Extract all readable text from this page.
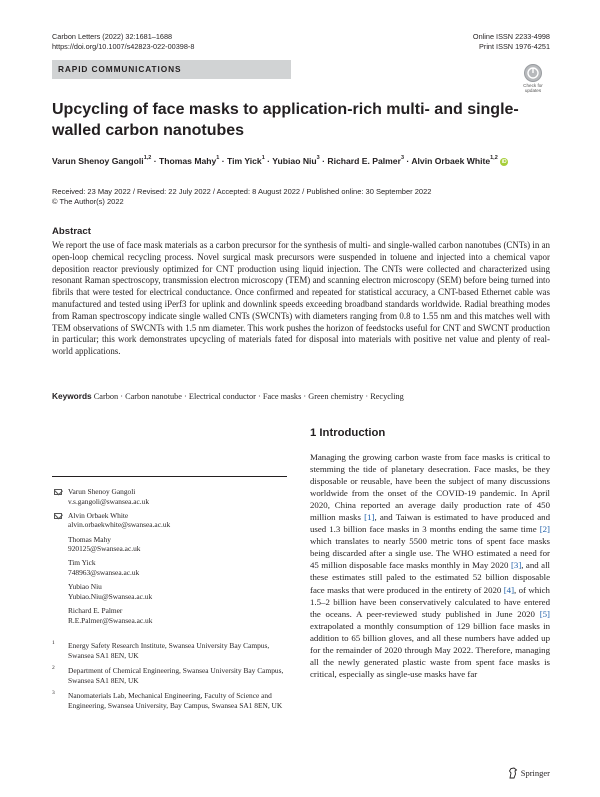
Carbon Letters (2022) 32:1681–1688
https://doi.org/10.1007/s42823-022-00398-8
Online ISSN 2233-4998
Print ISSN 1976-4251
RAPID COMMUNICATIONS
Check for
updates
Upcycling of face masks to application-rich multi- and single-walled carbon nanotubes
Varun Shenoy Gangoli$^{1,2}$ · Thomas Mahy$^1$ · Tim Yick$^1$ · Yubiao Niu$^3$ · Richard E. Palmer$^3$ · Alvin Orbaek White$^{1,2}$ iD
Received: 23 May 2022 / Revised: 22 July 2022 / Accepted: 8 August 2022 / Published online: 30 September 2022
© The Author(s) 2022
Abstract
We report the use of face mask materials as a carbon precursor for the synthesis of multi- and single-walled carbon nanotubes (CNTs) in an open-loop chemical recycling process. Novel surgical mask precursors were suspended in toluene and injected into a chemical vapor deposition reactor previously optimized for CNT production using liquid injection. The CNTs were collected and characterized using resonant Raman spectroscopy, transmission electron microscopy (TEM) and scanning electron microscopy (SEM) before being turned into fibrils that were tested for electrical conductance. Once confirmed and repeated for statistical accuracy, a CNT-based Ethernet cable was manufactured and tested using iPerf3 for uplink and downlink speeds exceeding broadband standards worldwide. Radial breathing modes from Raman spectroscopy indicate single walled CNTs (SWCNTs) with diameters ranging from 0.8 to 1.55 nm and this matches well with TEM observations of SWCNTs with 1.5 nm diameter. This work pushes the horizon of feedstocks useful for CNT and SWCNT production in particular; this work demonstrates upcycling of materials fated for disposal into materials with positive net value and plenty of real-world applications.
Keywords Carbon · Carbon nanotube · Electrical conductor · Face masks · Green chemistry · Recycling
Varun Shenoy Gangoli
v.s.gangoli@swansea.ac.uk
Alvin Orbaek White
alvin.orbaekwhite@swansea.ac.uk
Thomas Mahy
920125@Swansea.ac.uk
Tim Yick
748963@swansea.ac.uk
Yubiao Niu
Yubiao.Niu@Swansea.ac.uk
Richard E. Palmer
R.E.Palmer@Swansea.ac.uk
1 Energy Safety Research Institute, Swansea University Bay Campus, Swansea SA1 8EN, UK
2 Department of Chemical Engineering, Swansea University Bay Campus, Swansea SA1 8EN, UK
3 Nanomaterials Lab, Mechanical Engineering, Faculty of Science and Engineering, Swansea University, Bay Campus, Swansea SA1 8EN, UK
1 Introduction
Managing the growing carbon waste from face masks is critical to stemming the tide of planetary desecration. Face masks, be they disposable or reusable, have been the subject of many discussions worldwide from the onset of the COVID-19 pandemic. In April 2020, China reported an average daily production rate of 450 million masks [1], and Taiwan is estimated to have produced and used 1.3 billion face masks in 3 months ending the same time [2] which translates to nearly 5500 metric tons of spent face masks being discarded after a single use. The WHO estimated a need for 45 million disposable face masks monthly in May 2020 [3], and all these estimates still paled to the estimated 52 billion disposable face masks that were produced in the entirety of 2020 [4], of which 1.5–2 billion have been conservatively calculated to have entered the oceans. A peer-reviewed study published in June 2020 [5] extrapolated a monthly consumption of 129 billion face masks in addition to 65 billion gloves, and all these numbers have added up for the remainder of 2020 through May 2022. Therefore, managing all the newly generated plastic waste from spent face masks is critical, especially as single-use masks have far
Springer
